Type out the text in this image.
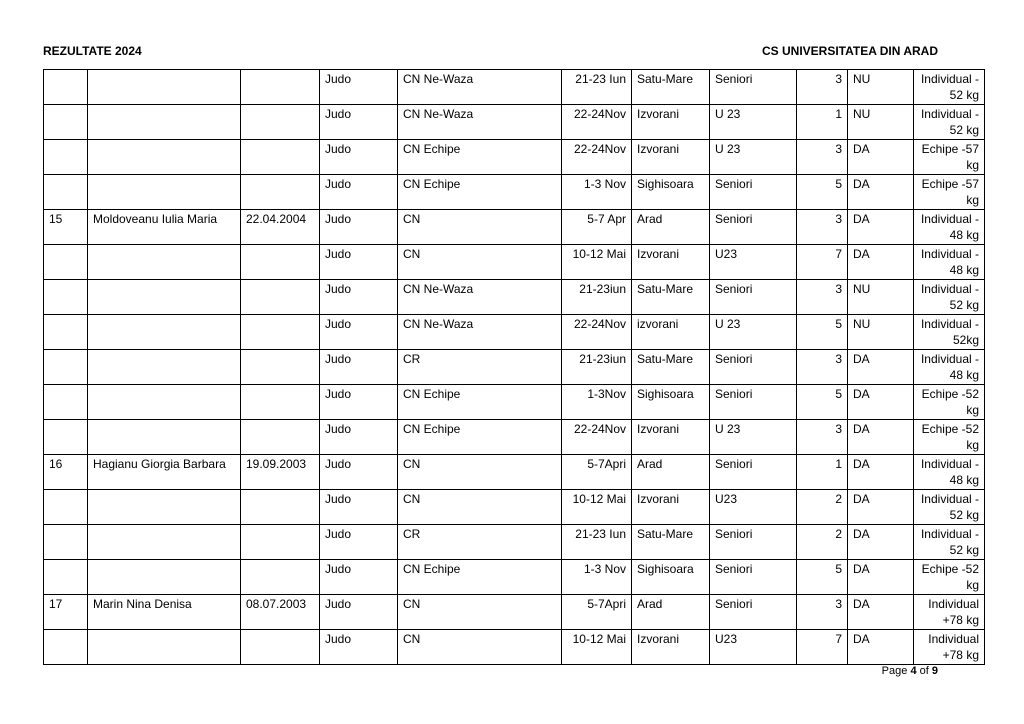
REZULTATE 2024	CS UNIVERSITATEA DIN ARAD
			Judo	CN Ne-Waza	21-23 Iun	Satu-Mare	Seniori	3	NU	Individual - 52 kg
			Judo	CN Ne-Waza	22-24Nov	Izvorani	U 23	1	NU	Individual - 52 kg
			Judo	CN Echipe	22-24Nov	Izvorani	U 23	3	DA	Echipe -57 kg
			Judo	CN Echipe	1-3 Nov	Sighisoara	Seniori	5	DA	Echipe -57 kg
15	Moldoveanu Iulia Maria	22.04.2004	Judo	CN	5-7 Apr	Arad	Seniori	3	DA	Individual - 48 kg
			Judo	CN	10-12 Mai	Izvorani	U23	7	DA	Individual - 48 kg
			Judo	CN Ne-Waza	21-23iun	Satu-Mare	Seniori	3	NU	Individual - 52 kg
			Judo	CN Ne-Waza	22-24Nov	izvorani	U 23	5	NU	Individual - 52kg
			Judo	CR	21-23iun	Satu-Mare	Seniori	3	DA	Individual - 48 kg
			Judo	CN Echipe	1-3Nov	Sighisoara	Seniori	5	DA	Echipe -52 kg
			Judo	CN Echipe	22-24Nov	Izvorani	U 23	3	DA	Echipe -52 kg
16	Hagianu Giorgia Barbara	19.09.2003	Judo	CN	5-7Apri	Arad	Seniori	1	DA	Individual - 48 kg
			Judo	CN	10-12 Mai	Izvorani	U23	2	DA	Individual - 52 kg
			Judo	CR	21-23 Iun	Satu-Mare	Seniori	2	DA	Individual - 52 kg
			Judo	CN Echipe	1-3 Nov	Sighisoara	Seniori	5	DA	Echipe -52 kg
17	Marin Nina Denisa	08.07.2003	Judo	CN	5-7Apri	Arad	Seniori	3	DA	Individual +78 kg
			Judo	CN	10-12 Mai	Izvorani	U23	7	DA	Individual +78 kg
Page 4 of 9
